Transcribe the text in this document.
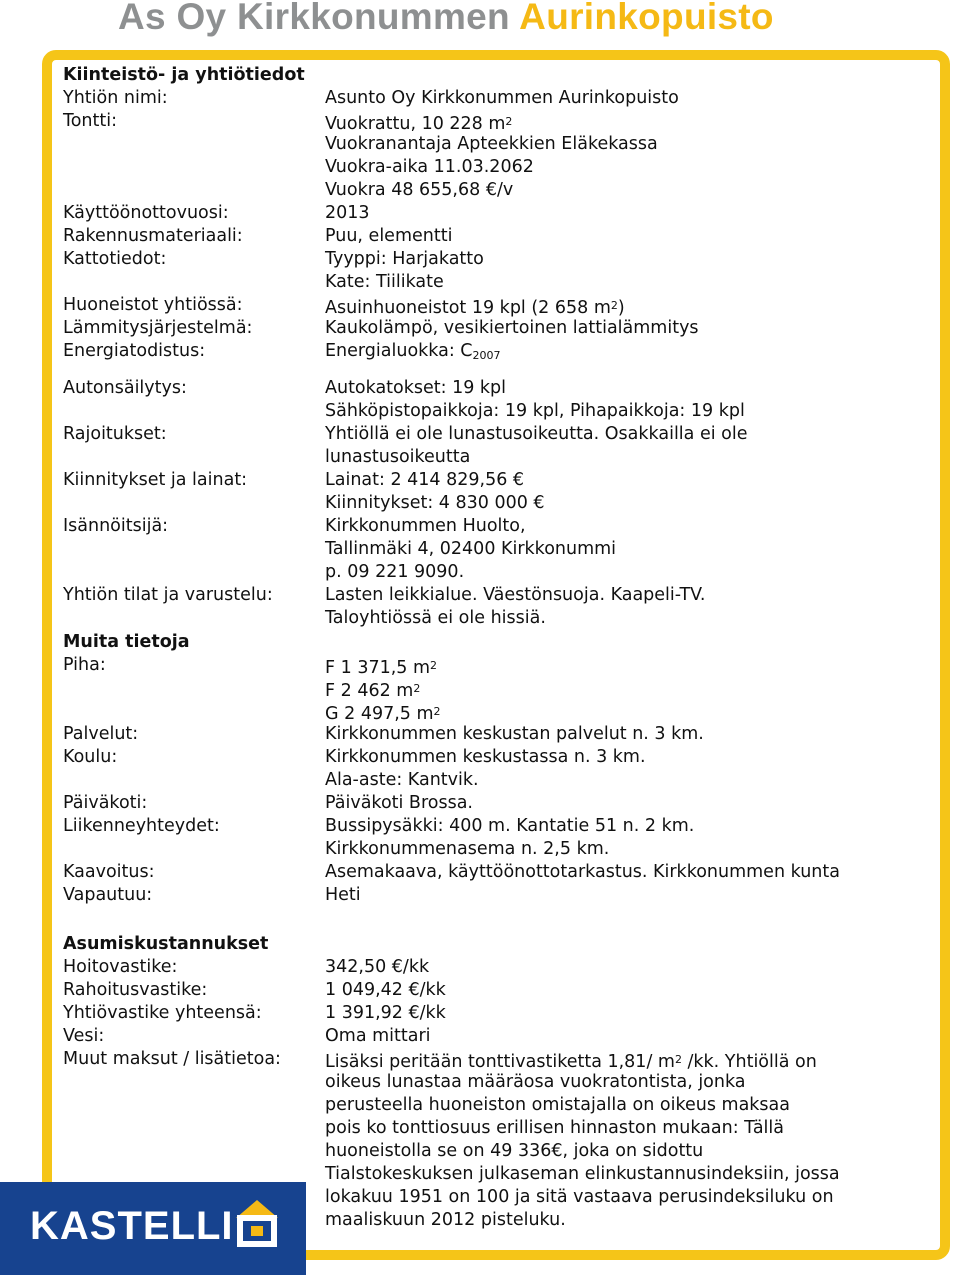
As Oy Kirkkonummen Aurinkopuisto
Kiinteistö- ja yhtiötiedot
Muita tietoja
Asumiskustannukset
Yhtiön nimi:	Asunto Oy Kirkkonummen Aurinkopuisto
Tontti:	Vuokrattu, 10 228 $m^2$
Vuokranantaja Apteekkien Eläkekassa
Vuokra-aika 11.03.2062
Vuokra 48 655,68 €/v
Käyttöönottovuosi:	2013
Rakennusmateriaali:	Puu, elementti
Kattotiedot:	Tyyppi: Harjakatto
Kate: Tiilikate
Huoneistot yhtiössä:	Asuinhuoneistot 19 kpl (2 658 $m^2$)
Lämmitysjärjestelmä:	Kaukolämpö, vesikiertoinen lattialämmitys
Energiatodistus:	Energialuokka: $C_{2007}$
Autonsäilytys:	Autokatokset: 19 kpl
Sähköpistopaikkoja: 19 kpl, Pihapaikkoja: 19 kpl
Rajoitukset:	Yhtiöllä ei ole lunastusoikeutta. Osakkailla ei ole
lunastusoikeutta
Kiinnitykset ja lainat:	Lainat: 2 414 829,56 €
Kiinnitykset: 4 830 000 €
Isännöitsijä:	Kirkkonummen Huolto,
Tallinmäki 4, 02400 Kirkkonummi
p. 09 221 9090.
Yhtiön tilat ja varustelu:	Lasten leikkialue. Väestönsuoja. Kaapeli-TV.
Taloyhtiössä ei ole hissiä.
Piha:	F 1 371,5 $m^2$
F 2 462 $m^2$
G 2 497,5 $m^2$
Palvelut:	Kirkkonummen keskustan palvelut n. 3 km.
Koulu:	Kirkkonummen keskustassa n. 3 km.
Ala-aste: Kantvik.
Päiväkoti:	Päiväkoti Brossa.
Liikenneyhteydet:	Bussipysäkki: 400 m. Kantatie 51 n. 2 km.
Kirkkonummenasema n. 2,5 km.
Kaavoitus:	Asemakaava, käyttöönottotarkastus. Kirkkonummen kunta
Vapautuu:	Heti
Hoitovastike:	342,50 €/kk
Rahoitusvastike:	1 049,42 €/kk
Yhtiövastike yhteensä:	1 391,92 €/kk
Vesi:	Oma mittari
Muut maksut / lisätietoa:	Lisäksi peritään tonttivastiketta 1,81/ $m^2$ /kk. Yhtiöllä on
oikeus lunastaa määräosa vuokratontista, jonka
perusteella huoneiston omistajalla on oikeus maksaa
pois ko tonttiosuus erillisen hinnaston mukaan: Tällä
huoneistolla se on 49 336€, joka on sidottu
Tialstokeskuksen julkaseman elinkustannusindeksiin, jossa
lokakuu 1951 on 100 ja sitä vastaava perusindeksiluku on
maaliskuun 2012 pisteluku.
KASTELLI
